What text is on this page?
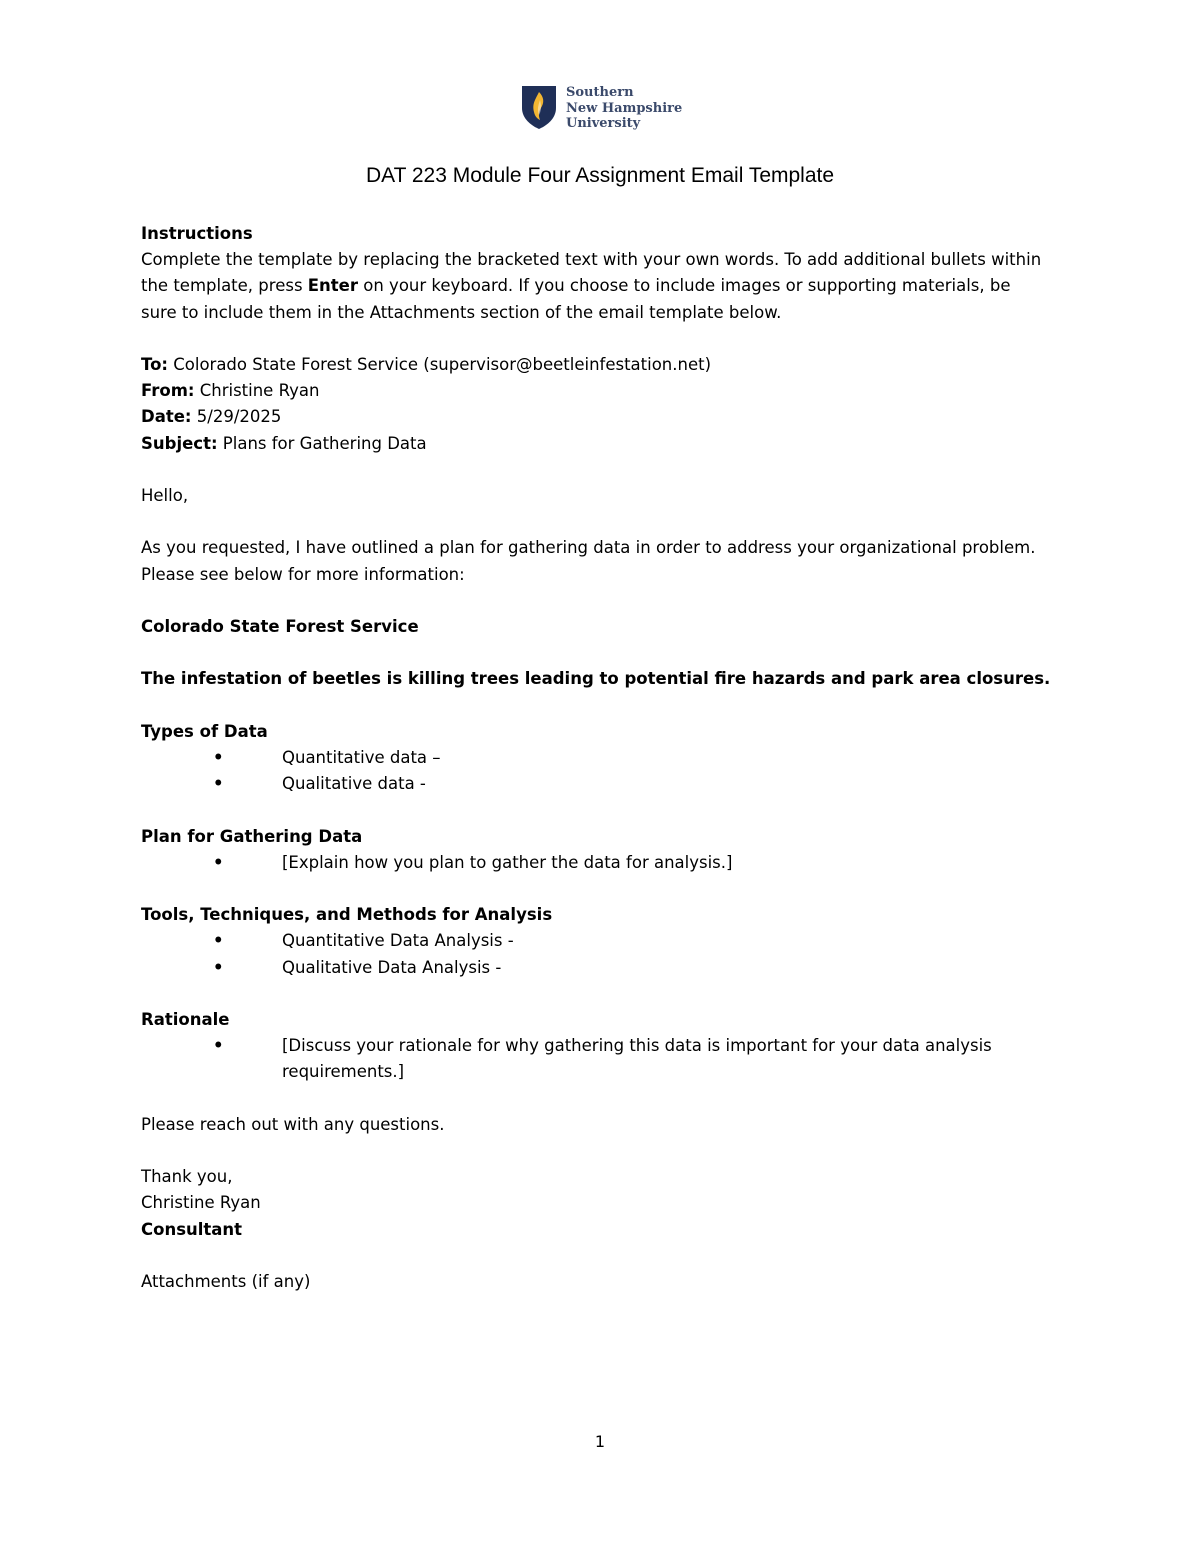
Southern
New Hampshire
University
DAT 223 Module Four Assignment Email Template

Instructions

Complete the template by replacing the bracketed text with your own words. To add additional bullets within the template, press Enter on your keyboard. If you choose to include images or supporting materials, be sure to include them in the Attachments section of the email template below.

To: Colorado State Forest Service (supervisor@beetleinfestation.net)

From: Christine Ryan

Date: 5/29/2025

Subject: Plans for Gathering Data

Hello,

As you requested, I have outlined a plan for gathering data in order to address your organizational problem. Please see below for more information:

Colorado State Forest Service

The infestation of beetles is killing trees leading to potential fire hazards and park area closures.

Types of Data

• Quantitative data –
• Qualitative data -

Plan for Gathering Data

• [Explain how you plan to gather the data for analysis.]

Tools, Techniques, and Methods for Analysis

• Quantitative Data Analysis -
• Qualitative Data Analysis -

Rationale

• [Discuss your rationale for why gathering this data is important for your data analysis requirements.]

Please reach out with any questions.

Thank you,

Christine Ryan

Consultant

Attachments (if any)

1
